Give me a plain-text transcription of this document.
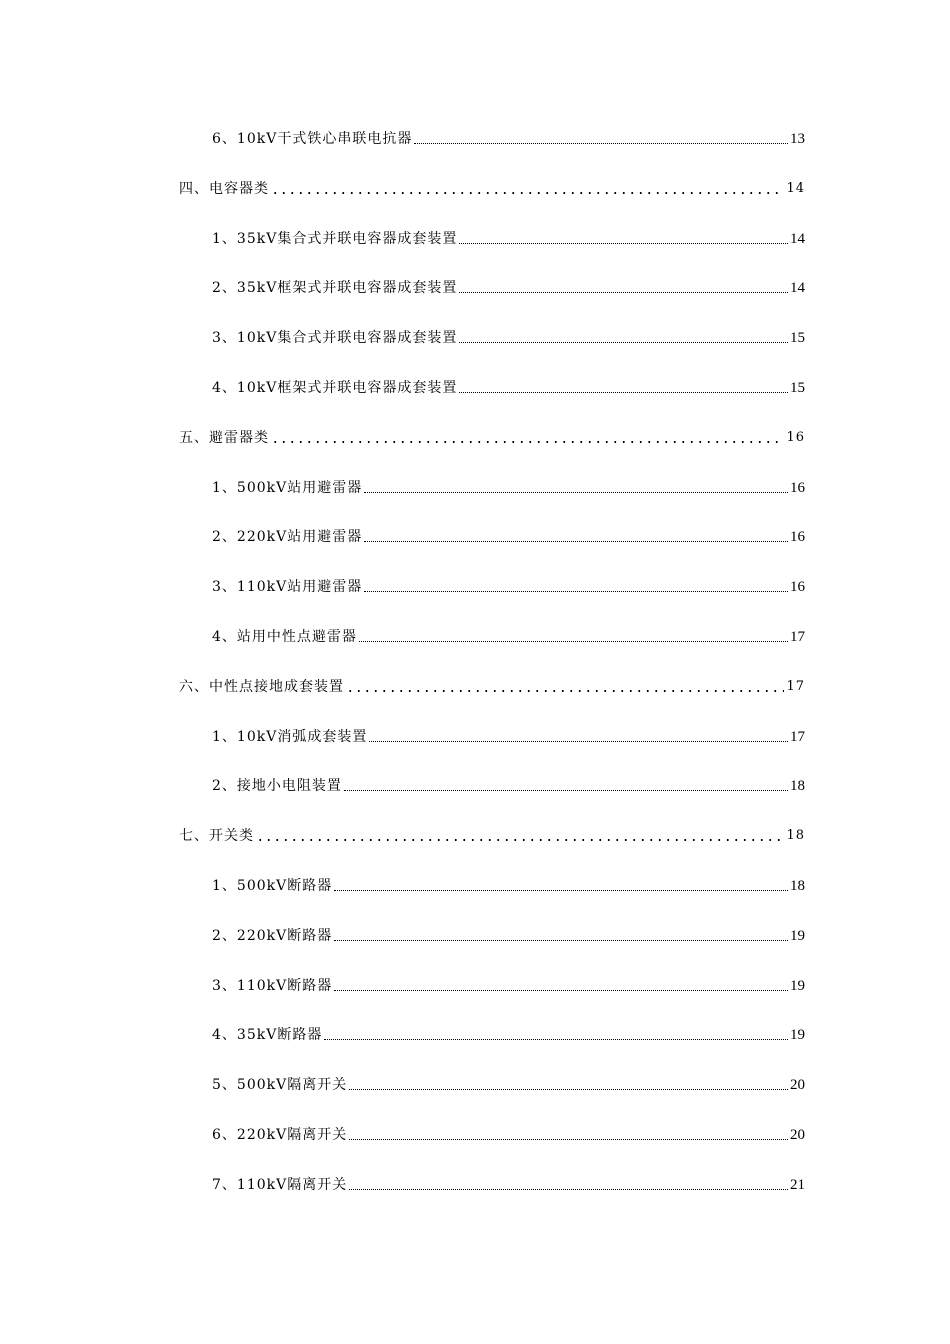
6、10kV干式铁心串联电抗器	13
四、电容器类	14
1、35kV集合式并联电容器成套装置	14
2、35kV框架式并联电容器成套装置	14
3、10kV集合式并联电容器成套装置	15
4、10kV框架式并联电容器成套装置	15
五、避雷器类	16
1、500kV站用避雷器	16
2、220kV站用避雷器	16
3、110kV站用避雷器	16
4、站用中性点避雷器	17
六、中性点接地成套装置	17
1、10kV消弧成套装置	17
2、接地小电阻装置	18
七、开关类	18
1、500kV断路器	18
2、220kV断路器	19
3、110kV断路器	19
4、35kV断路器	19
5、500kV隔离开关	20
6、220kV隔离开关	20
7、110kV隔离开关	21
